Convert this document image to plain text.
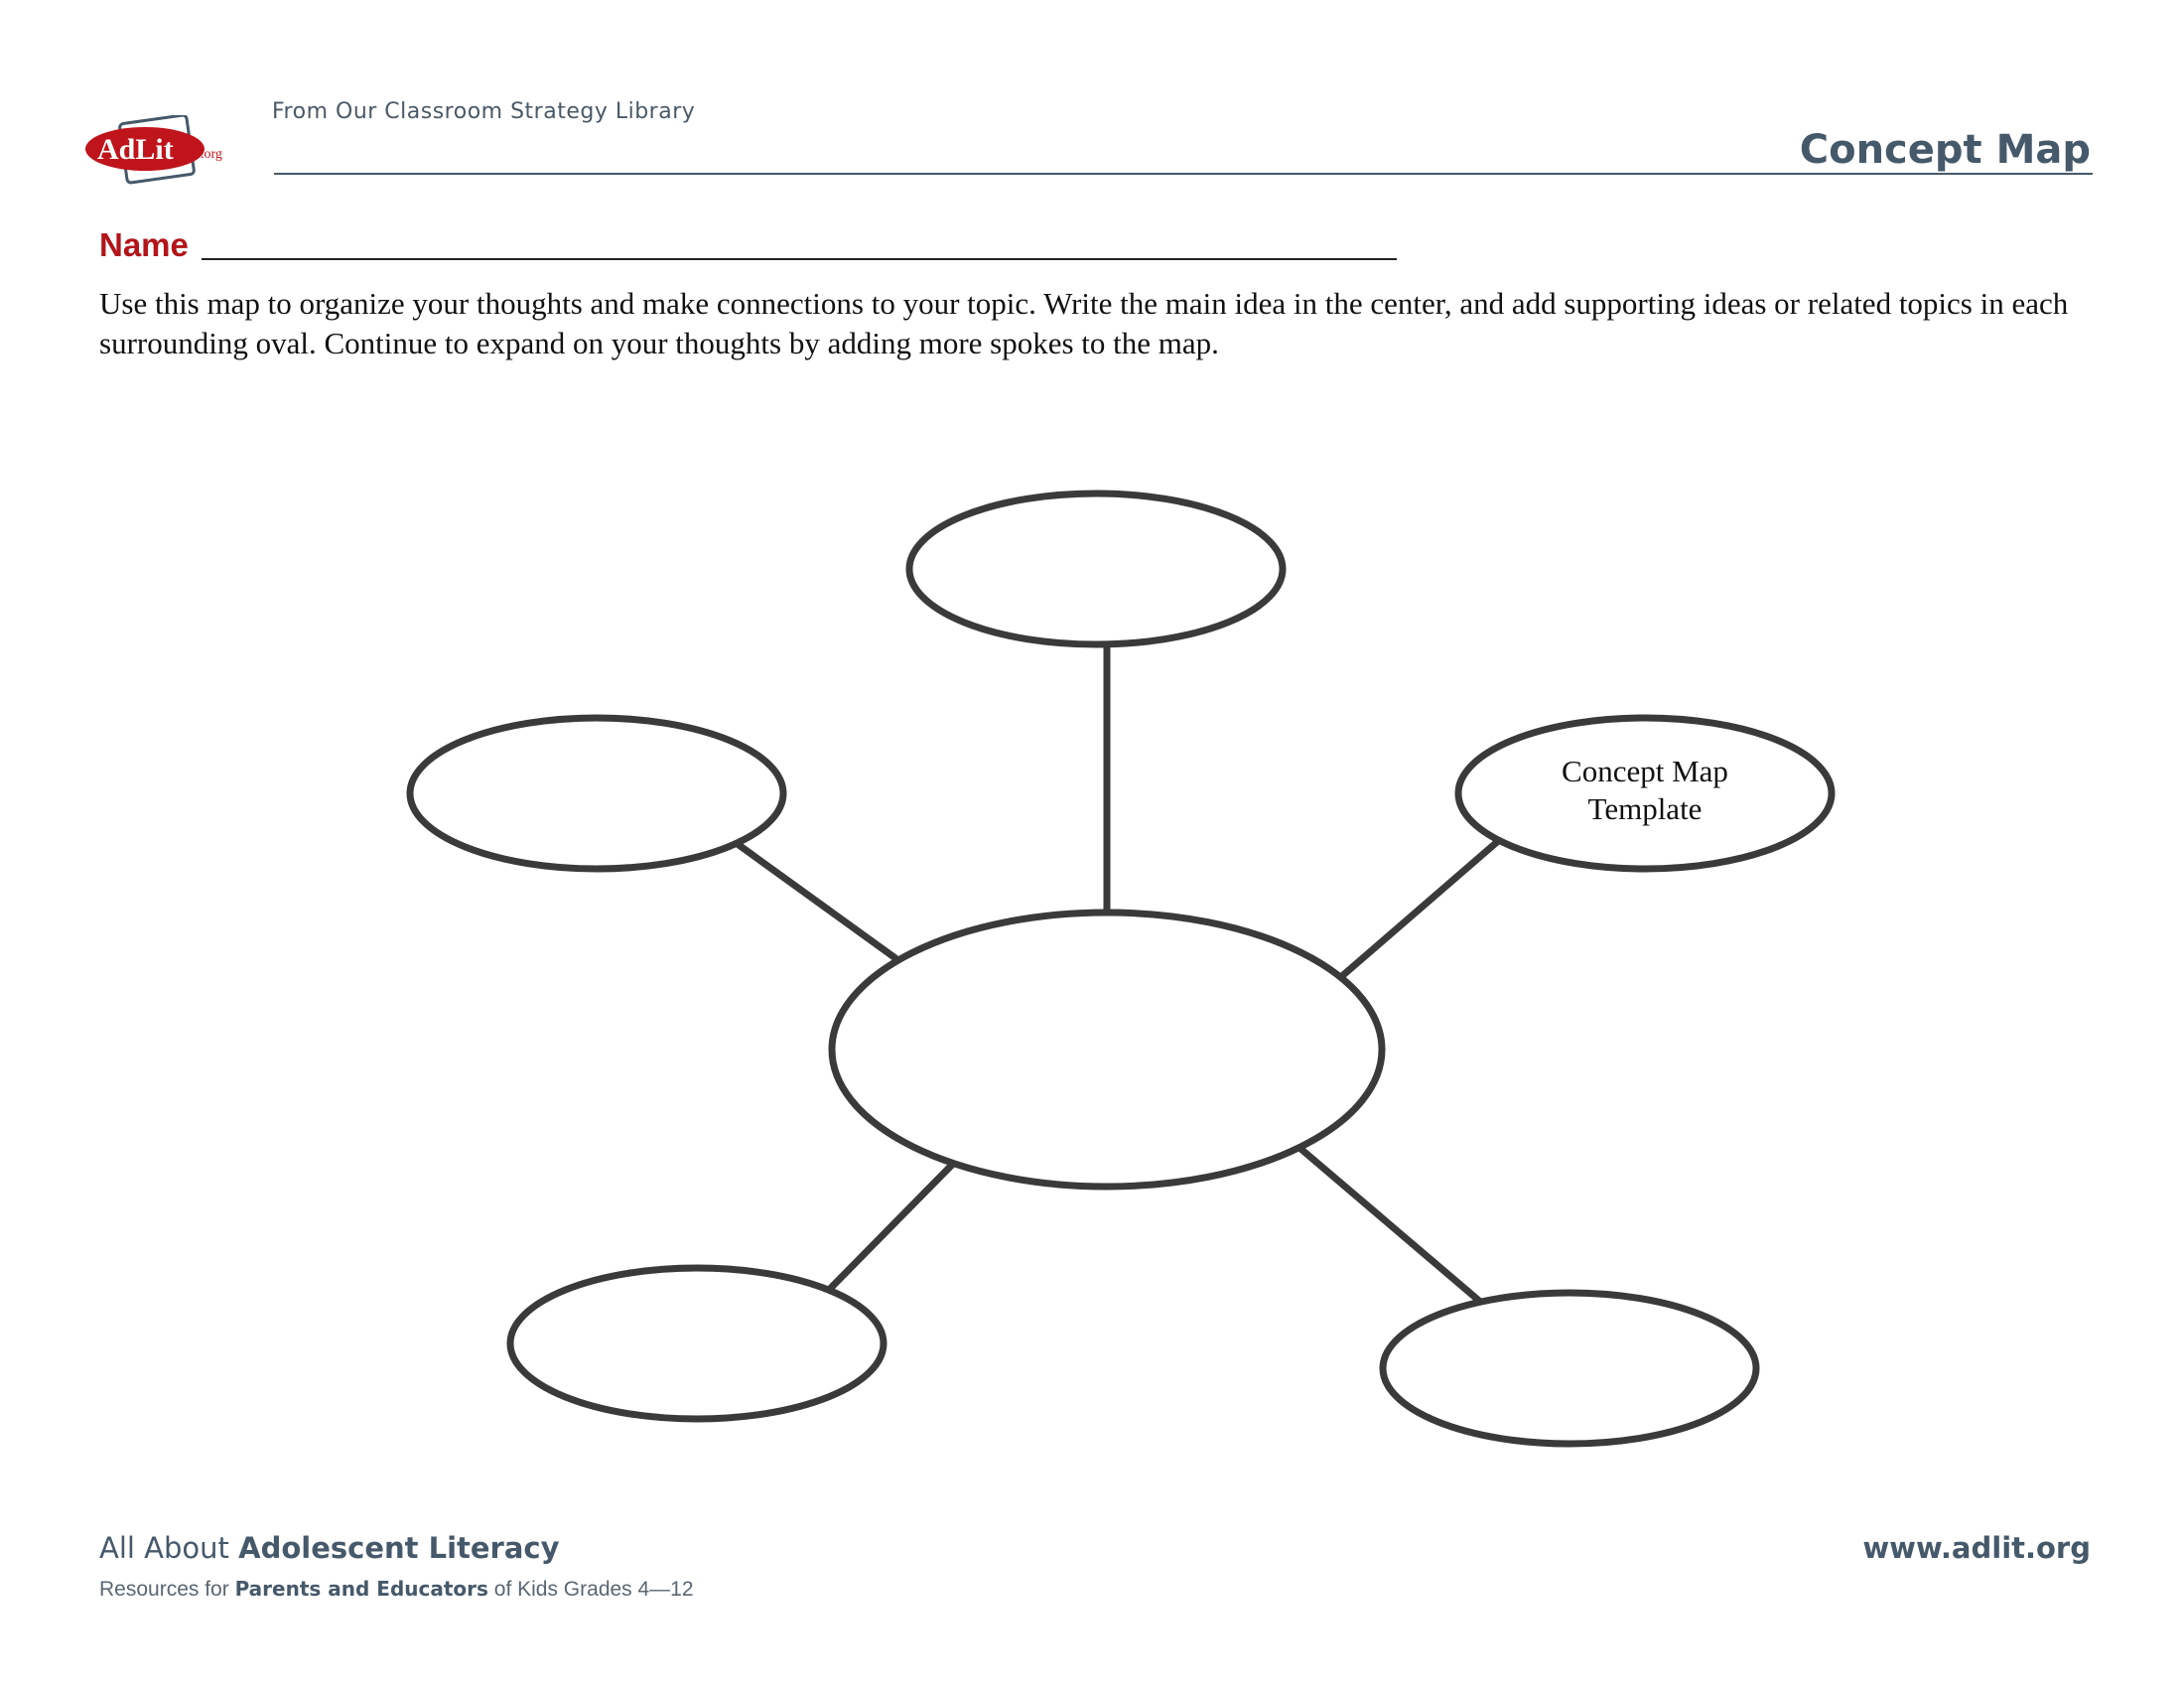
AdLit .org
From Our Classroom Strategy Library
Concept Map
Name
Use this map to organize your thoughts and make connections to your topic. Write the main idea in the center, and add supporting ideas or related topics in each surrounding oval. Continue to expand on your thoughts by adding more spokes to the map.
Concept Map
Template
All About Adolescent Literacy
Resources for Parents and Educators of Kids Grades 4—12
www.adlit.org
